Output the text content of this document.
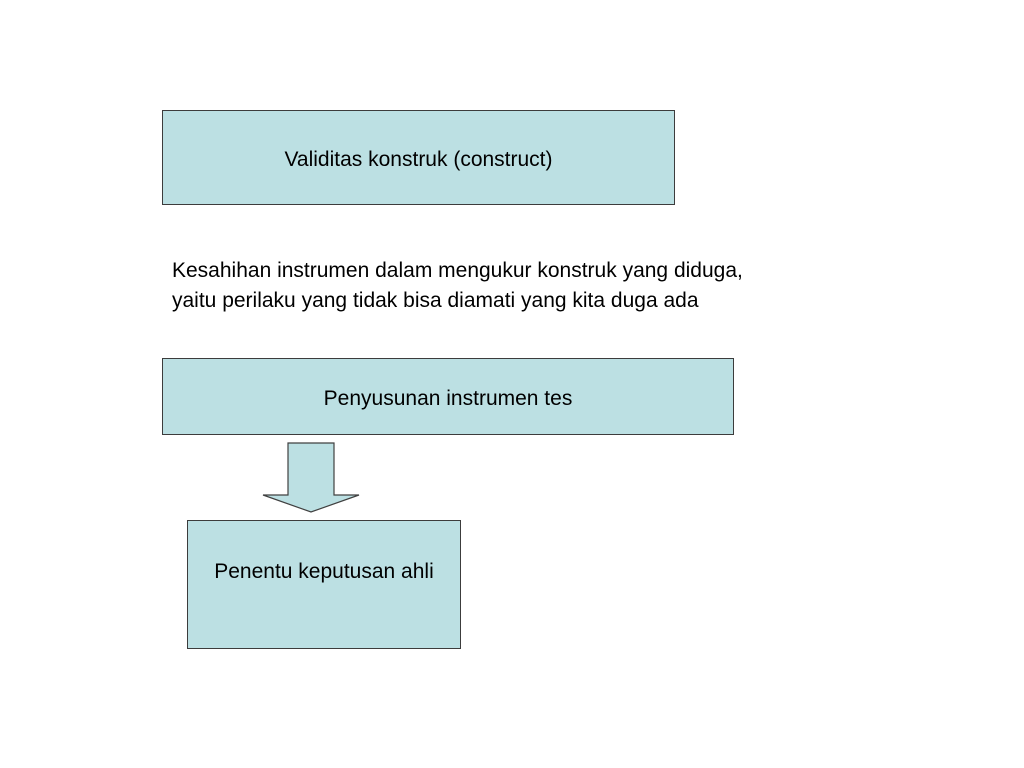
Validitas konstruk (construct)

Kesahihan instrumen dalam mengukur konstruk yang diduga,

yaitu perilaku yang tidak bisa diamati yang kita duga ada

Penyusunan instrumen tes
Penentu keputusan ahli
